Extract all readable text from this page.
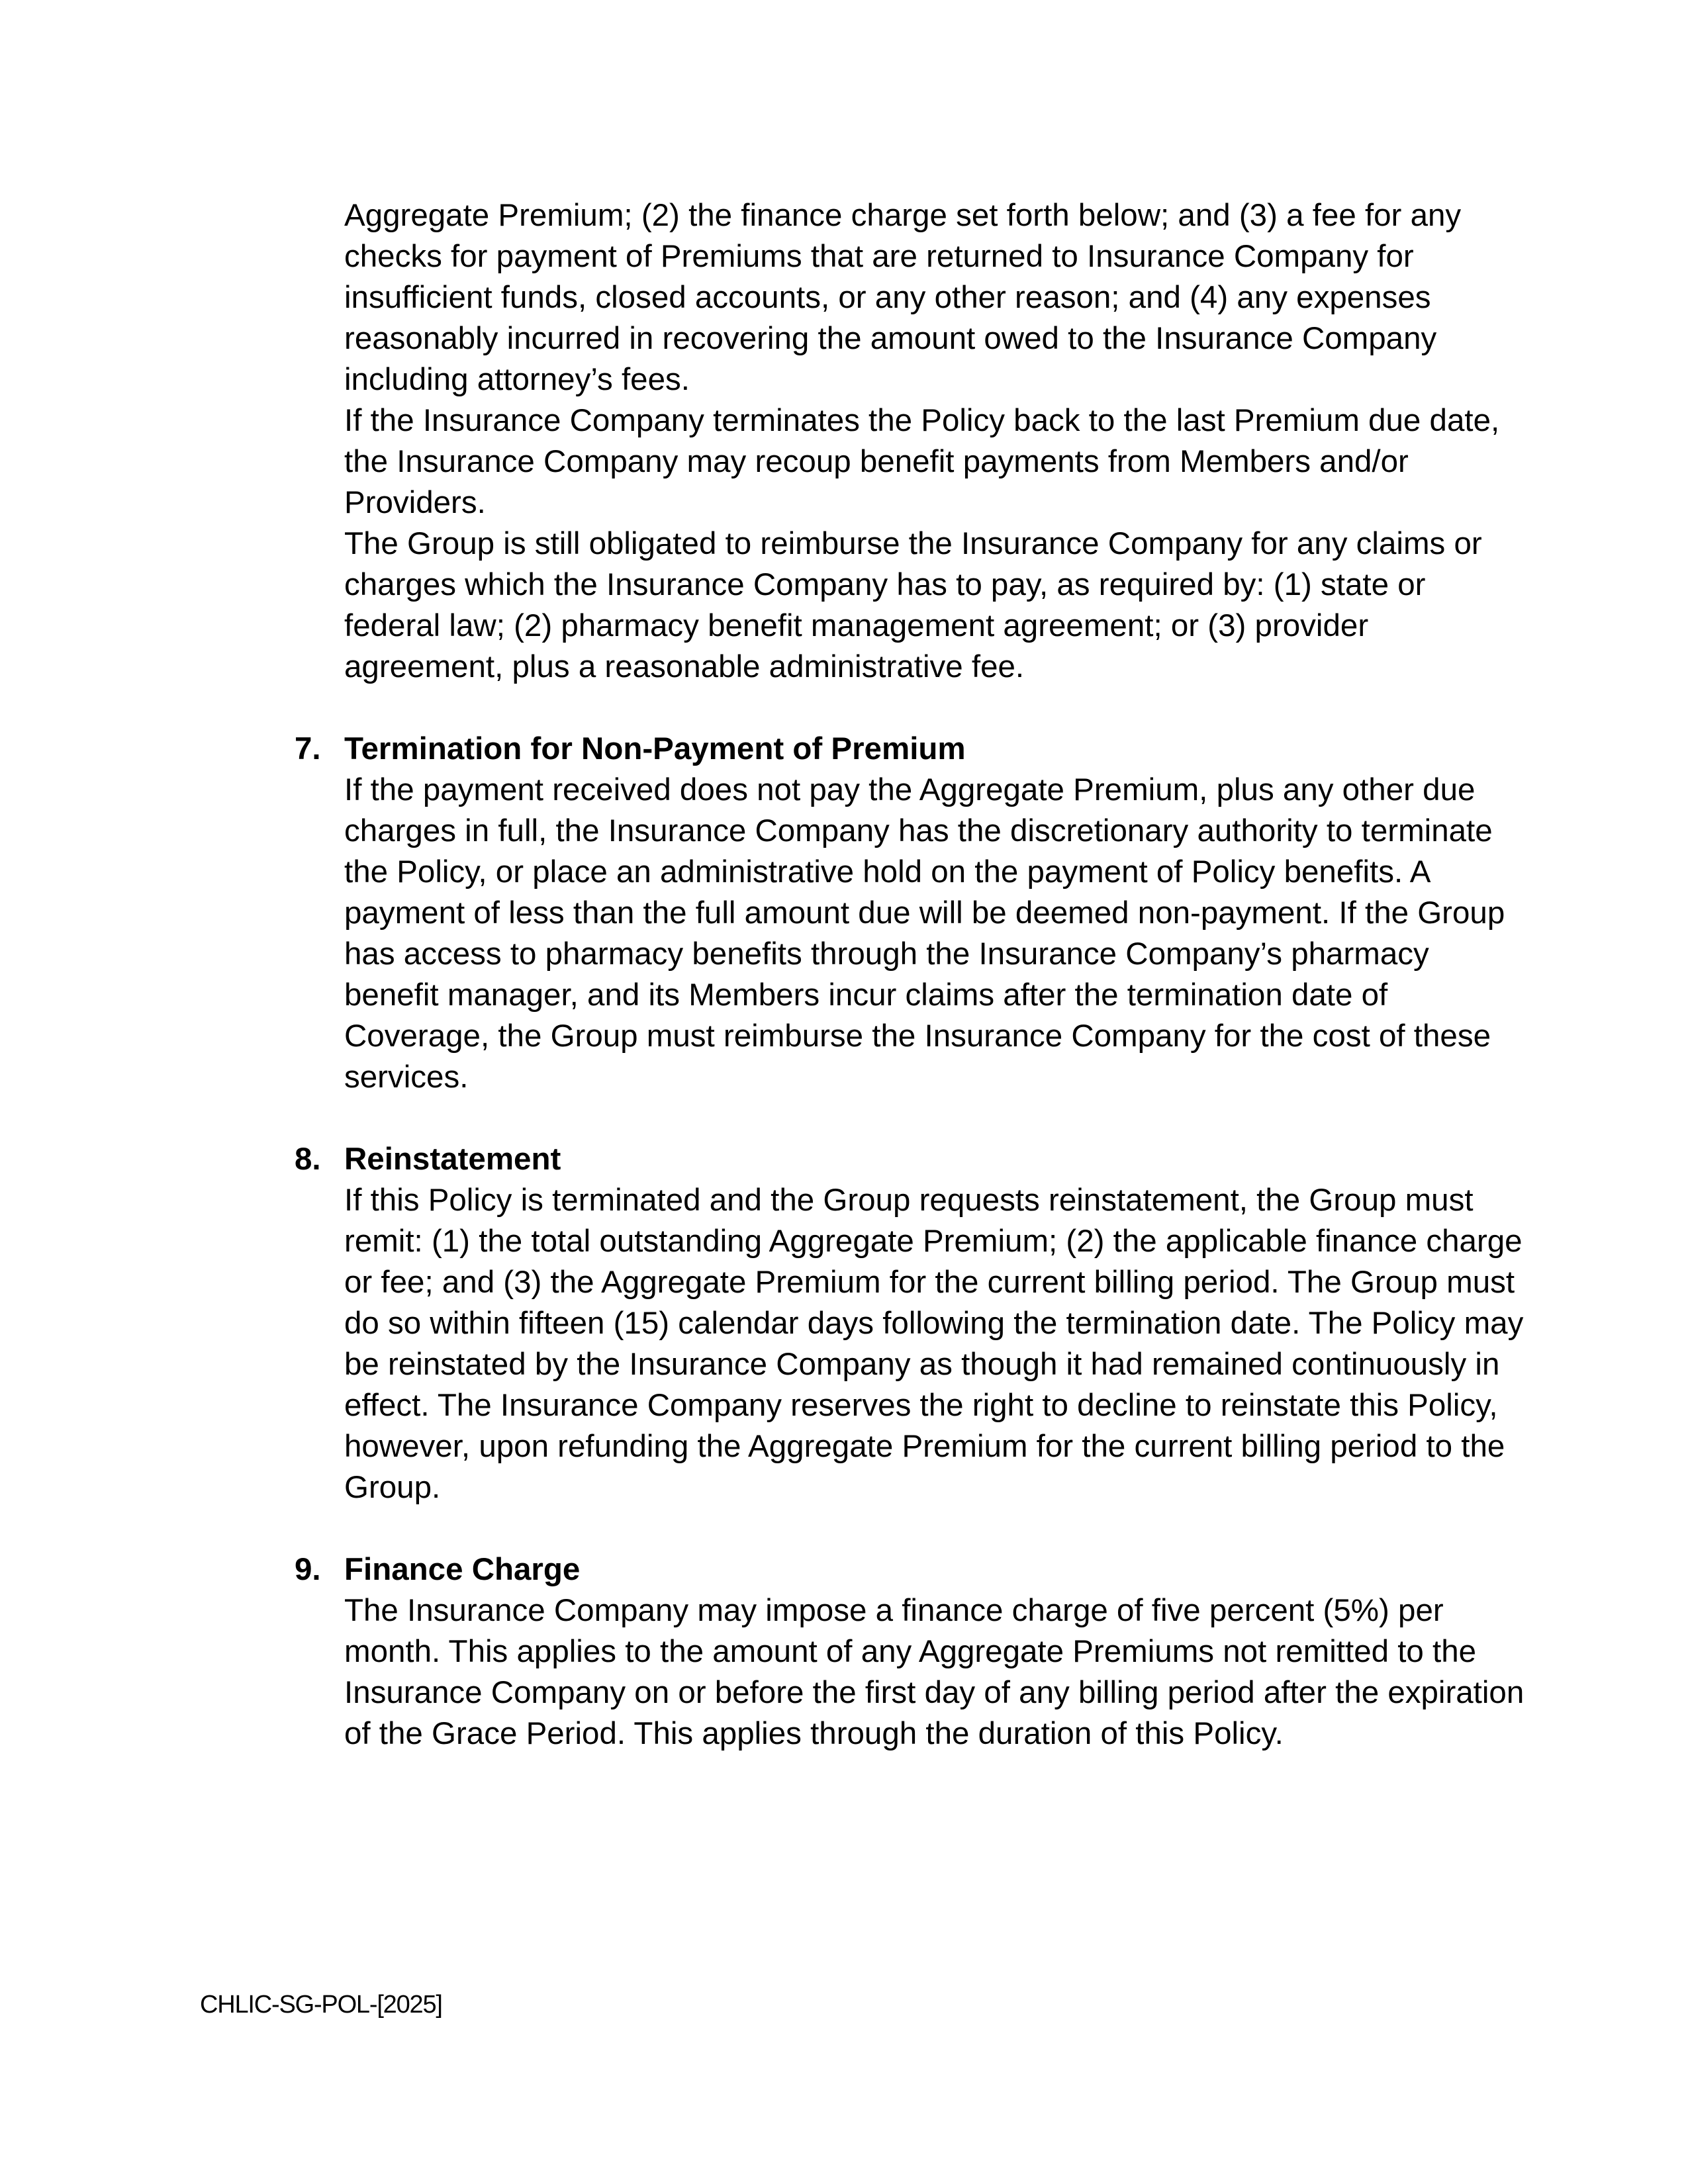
Aggregate Premium; (2) the finance charge set forth below; and (3) a fee for any checks for payment of Premiums that are returned to Insurance Company for insufficient funds, closed accounts, or any other reason; and (4) any expenses reasonably incurred in recovering the amount owed to the Insurance Company including attorney’s fees.

If the Insurance Company terminates the Policy back to the last Premium due date, the Insurance Company may recoup benefit payments from Members and/or Providers.

The Group is still obligated to reimburse the Insurance Company for any claims or charges which the Insurance Company has to pay, as required by: (1) state or federal law; (2) pharmacy benefit management agreement; or (3) provider agreement, plus a reasonable administrative fee.

7. Termination for Non-Payment of Premium

If the payment received does not pay the Aggregate Premium, plus any other due charges in full, the Insurance Company has the discretionary authority to terminate the Policy, or place an administrative hold on the payment of Policy benefits. A payment of less than the full amount due will be deemed non-payment. If the Group has access to pharmacy benefits through the Insurance Company’s pharmacy benefit manager, and its Members incur claims after the termination date of Coverage, the Group must reimburse the Insurance Company for the cost of these services.

8. Reinstatement

If this Policy is terminated and the Group requests reinstatement, the Group must remit: (1) the total outstanding Aggregate Premium; (2) the applicable finance charge or fee; and (3) the Aggregate Premium for the current billing period. The Group must do so within fifteen (15) calendar days following the termination date. The Policy may be reinstated by the Insurance Company as though it had remained continuously in effect. The Insurance Company reserves the right to decline to reinstate this Policy, however, upon refunding the Aggregate Premium for the current billing period to the Group.

9. Finance Charge

The Insurance Company may impose a finance charge of five percent (5%) per month. This applies to the amount of any Aggregate Premiums not remitted to the Insurance Company on or before the first day of any billing period after the expiration of the Grace Period. This applies through the duration of this Policy.

CHLIC-SG-POL-[2025]
